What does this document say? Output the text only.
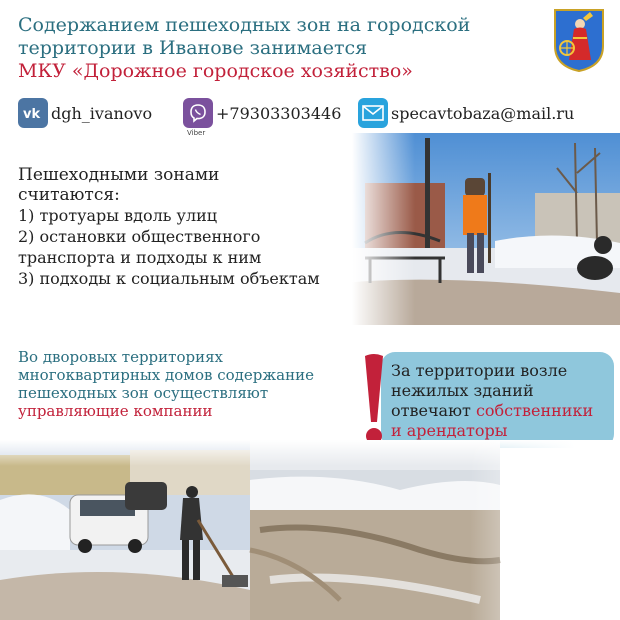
Содержанием пешеходных зон на городской
территории в Иванове занимается
МКУ «Дорожное городское хозяйство»
vk dgh_ivanovo
Viber
+79303303446	specavtobaza@mail.ru
Пешеходными зонами
считаются:
1) тротуары вдоль улиц
2) остановки общественного
транспорта и подходы к ним
3) подходы к социальным объектам
Во дворовых территориях
многоквартирных домов содержание
пешеходных зон осуществляют
управляющие компании
За территории возле
нежилых зданий
отвечают собственники
и арендаторы
